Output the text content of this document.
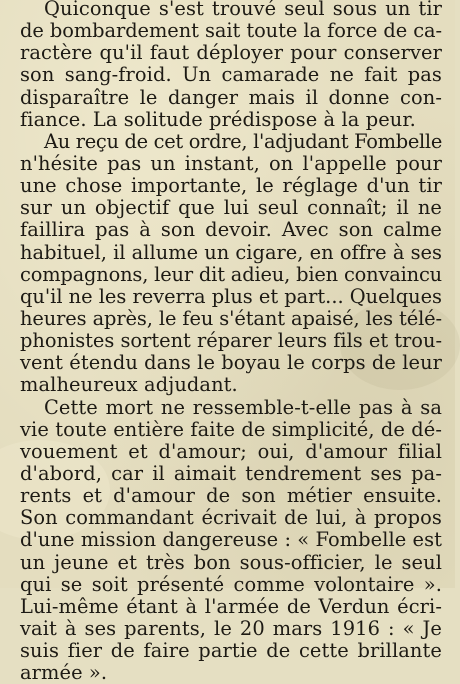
Quiconque s'est trouvé seul sous un tir
de bombardement sait toute la force de ca-
ractère qu'il faut déployer pour conserver
son sang-froid. Un camarade ne fait pas
disparaître le danger mais il donne con-
fiance. La solitude prédispose à la peur.
Au reçu de cet ordre, l'adjudant Fombelle
n'hésite pas un instant, on l'appelle pour
une chose importante, le réglage d'un tir
sur un objectif que lui seul connaît; il ne
faillira pas à son devoir. Avec son calme
habituel, il allume un cigare, en offre à ses
compagnons, leur dit adieu, bien convaincu
qu'il ne les reverra plus et part... Quelques
heures après, le feu s'étant apaisé, les télé-
phonistes sortent réparer leurs fils et trou-
vent étendu dans le boyau le corps de leur
malheureux adjudant.
Cette mort ne ressemble-t-elle pas à sa
vie toute entière faite de simplicité, de dé-
vouement et d'amour; oui, d'amour filial
d'abord, car il aimait tendrement ses pa-
rents et d'amour de son métier ensuite.
Son commandant écrivait de lui, à propos
d'une mission dangereuse : « Fombelle est
un jeune et très bon sous-officier, le seul
qui se soit présenté comme volontaire ».
Lui-même étant à l'armée de Verdun écri-
vait à ses parents, le 20 mars 1916 : « Je
suis fier de faire partie de cette brillante
armée ».
